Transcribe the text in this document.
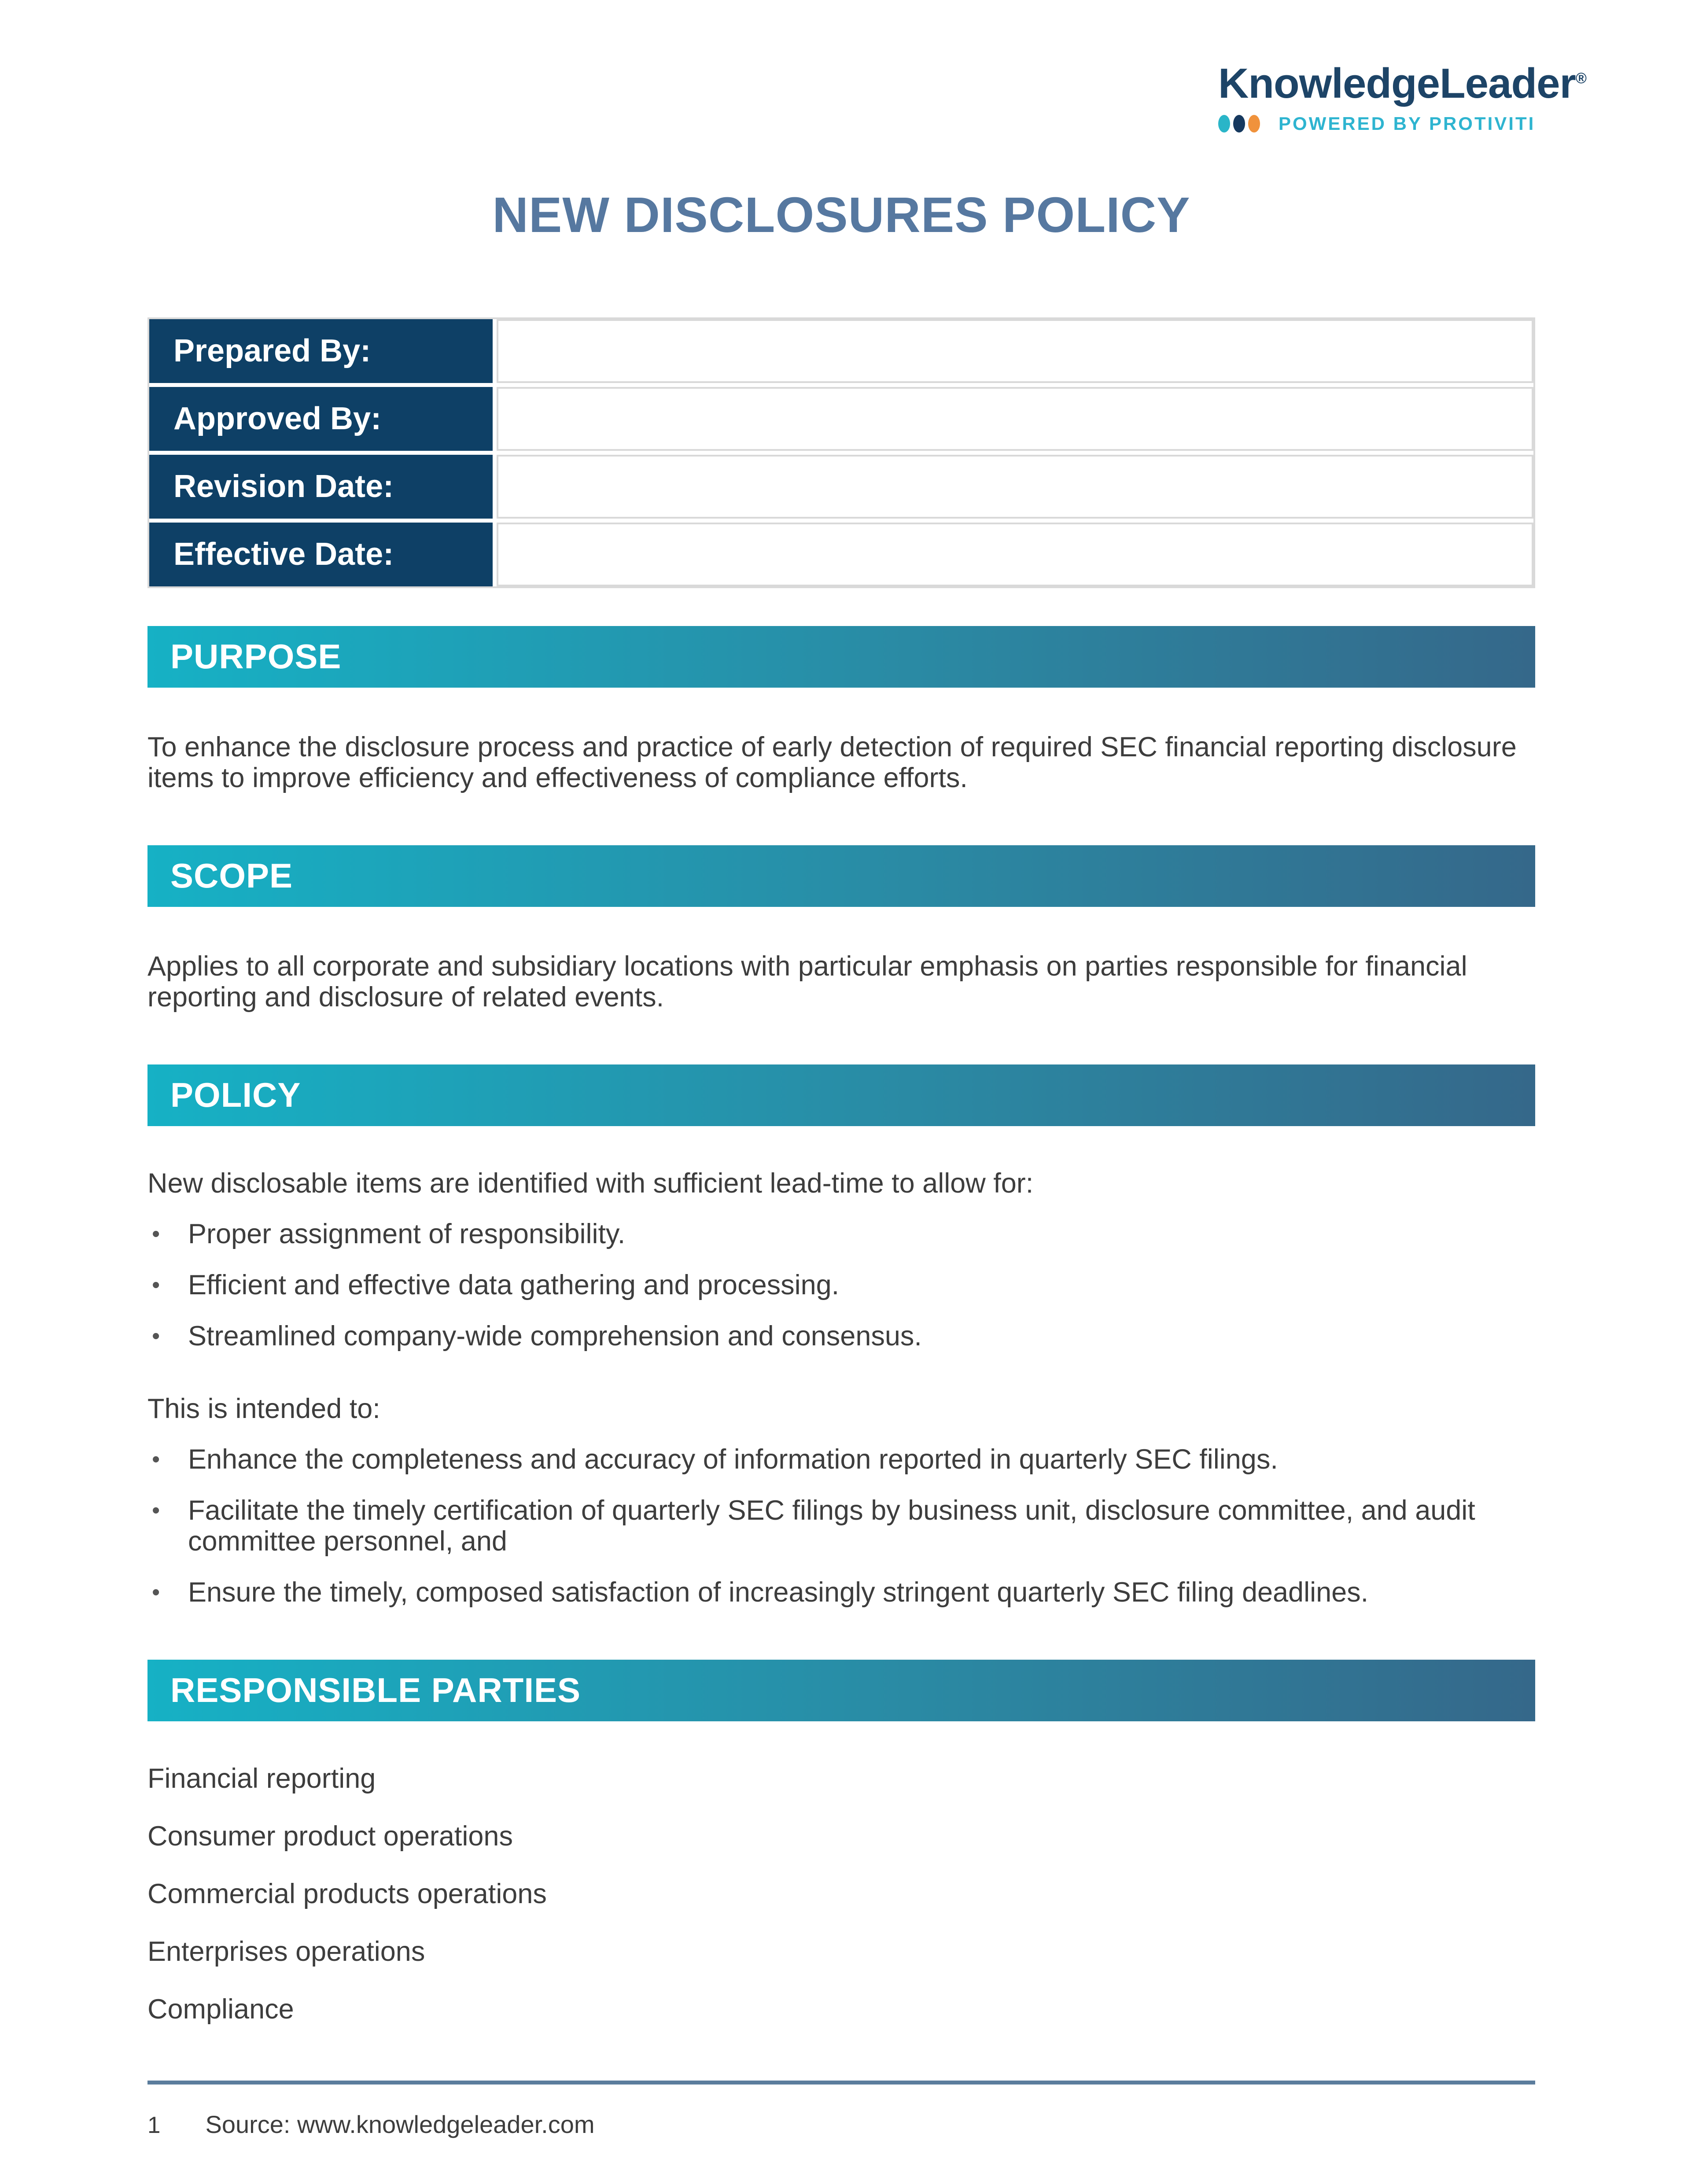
KnowledgeLeader®
POWERED BY PROTIVITI
NEW DISCLOSURES POLICY
Prepared By:
Approved By:
Revision Date:
Effective Date:
PURPOSE

To enhance the disclosure process and practice of early detection of required SEC financial reporting disclosure items to improve efficiency and effectiveness of compliance efforts.

SCOPE

Applies to all corporate and subsidiary locations with particular emphasis on parties responsible for financial reporting and disclosure of related events.

POLICY

New disclosable items are identified with sufficient lead-time to allow for:

•	Proper assignment of responsibility.
•	Efficient and effective data gathering and processing.
•	Streamlined company-wide comprehension and consensus.

This is intended to:

•	Enhance the completeness and accuracy of information reported in quarterly SEC filings.
•	Facilitate the timely certification of quarterly SEC filings by business unit, disclosure committee, and audit committee personnel, and
•	Ensure the timely, composed satisfaction of increasingly stringent quarterly SEC filing deadlines.
RESPONSIBLE PARTIES
Financial reporting
Consumer product operations
Commercial products operations
Enterprises operations
Compliance
1 Source: www.knowledgeleader.com
